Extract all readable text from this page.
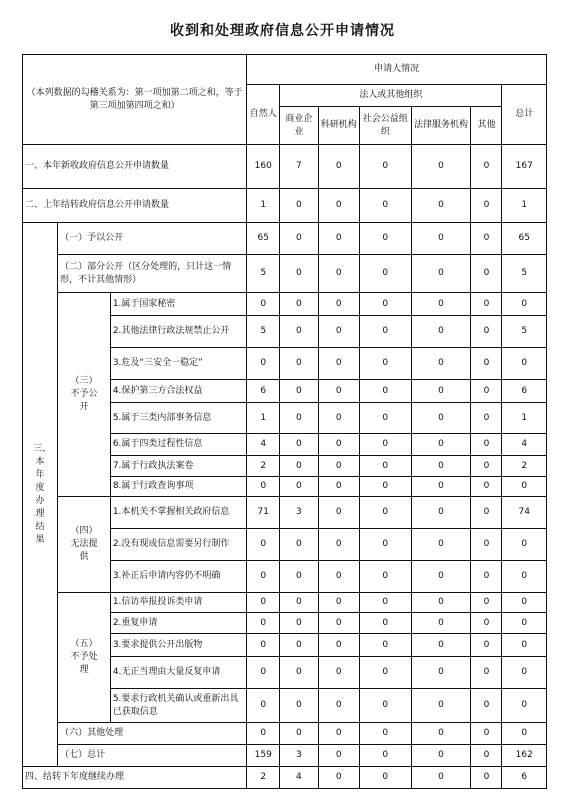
收到和处理政府信息公开申请情况
（本列数据的勾稽关系为：第一项加第二项之和，等于第三项加第四项之和）			申请人情况						
			自然人	法人或其他组织					总计
				商业企业	科研机构	社会公益组织	法律服务机构	其他	
一、本年新收政府信息公开申请数量			160	7	0	0	0	0	167
二、上年结转政府信息公开申请数量			1	0	0	0	0	0	1
三、本年度办理结果	（一）予以公开		65	0	0	0	0	0	65
	（二）部分公开（区分处理的，只计这一情形，不计其他情形）		5	0	0	0	0	0	5
	（三）不予公开	1.属于国家秘密	0	0	0	0	0	0	0
		2.其他法律行政法规禁止公开	5	0	0	0	0	0	5
		3.危及“三安全一稳定”	0	0	0	0	0	0	0
		4.保护第三方合法权益	6	0	0	0	0	0	6
		5.属于三类内部事务信息	1	0	0	0	0	0	1
		6.属于四类过程性信息	4	0	0	0	0	0	4
		7.属于行政执法案卷	2	0	0	0	0	0	2
		8.属于行政查询事项	0	0	0	0	0	0	0
	（四）无法提供	1.本机关不掌握相关政府信息	71	3	0	0	0	0	74
		2.没有现成信息需要另行制作	0	0	0	0	0	0	0
		3.补正后申请内容仍不明确	0	0	0	0	0	0	0
	（五）不予处理	1.信访举报投诉类申请	0	0	0	0	0	0	0
		2.重复申请	0	0	0	0	0	0	0
		3.要求提供公开出版物	0	0	0	0	0	0	0
		4.无正当理由大量反复申请	0	0	0	0	0	0	0
		5.要求行政机关确认或重新出具已获取信息	0	0	0	0	0	0	0
	（六）其他处理		0	0	0	0	0	0	0
	（七）总计		159	3	0	0	0	0	162
四、结转下年度继续办理			2	4	0	0	0	0	6
